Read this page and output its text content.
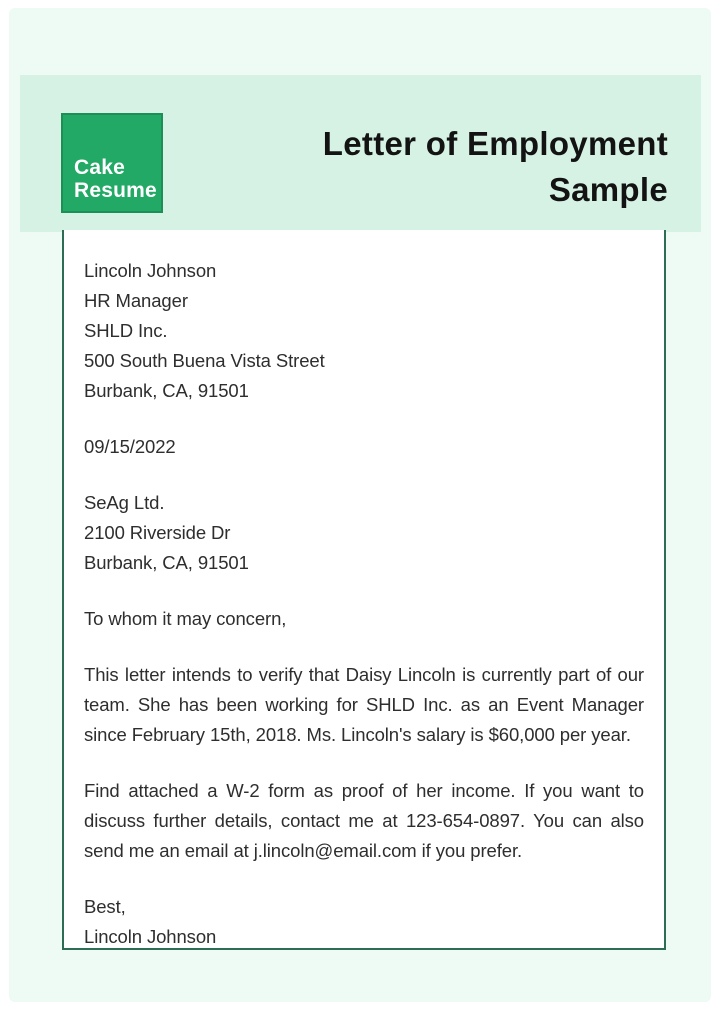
Cake
Resume
Letter of Employment
Sample
Lincoln Johnson
HR Manager
SHLD Inc.
500 South Buena Vista Street
Burbank, CA, 91501
09/15/2022
SeAg Ltd.
2100 Riverside Dr
Burbank, CA, 91501
To whom it may concern,

This letter intends to verify that Daisy Lincoln is currently part of our team. She has been working for SHLD Inc. as an Event Manager since February 15th, 2018. Ms. Lincoln's salary is $60,000 per year.

Find attached a W-2 form as proof of her income. If you want to discuss further details, contact me at 123-654-0897. You can also send me an email at j.lincoln@email.com if you prefer.

Best,
Lincoln Johnson
